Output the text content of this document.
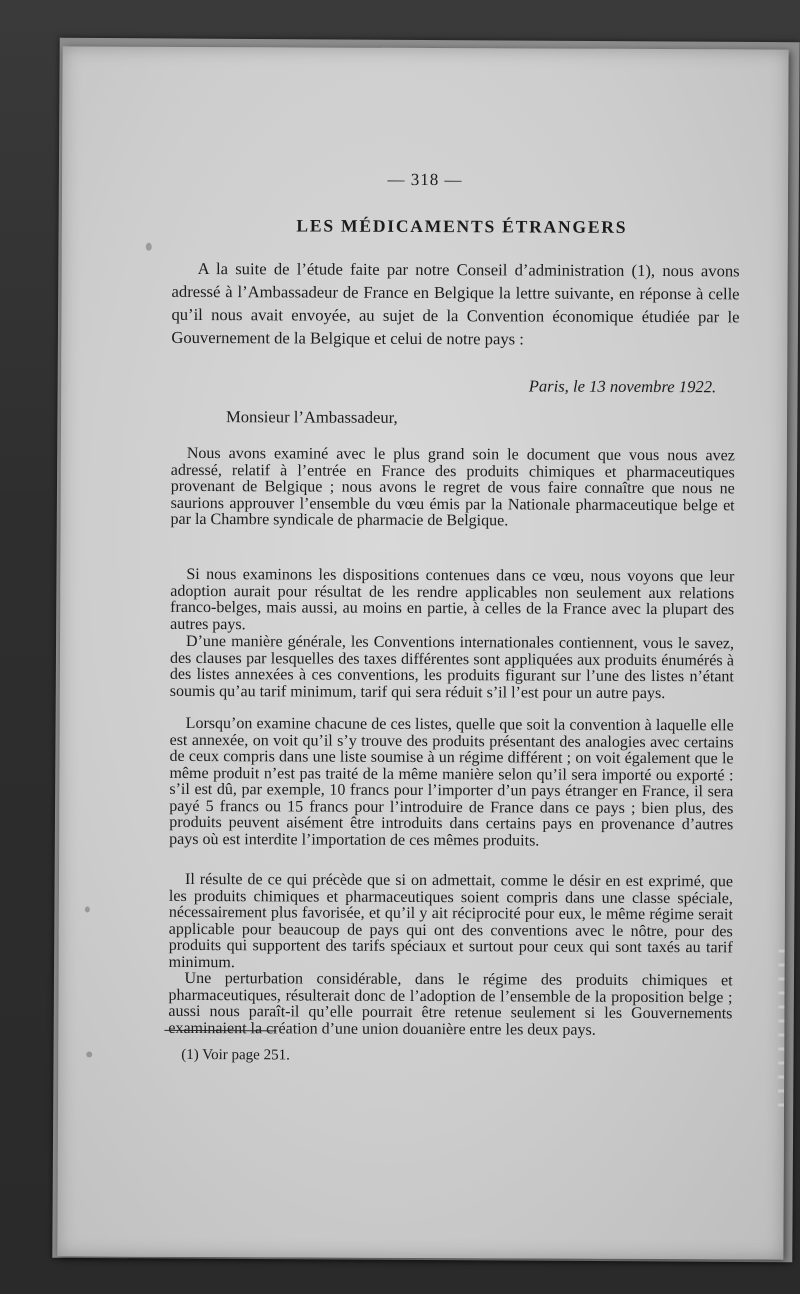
— 318 —
LES MÉDICAMENTS ÉTRANGERS

A la suite de l’étude faite par notre Conseil d’administration (1), nous avons adressé à l’Ambassadeur de France en Belgique la lettre suivante, en réponse à celle qu’il nous avait envoyée, au sujet de la Convention économique étudiée par le Gouvernement de la Belgique et celui de notre pays :

Paris, le 13 novembre 1922.
Monsieur l’Ambassadeur,

Nous avons examiné avec le plus grand soin le document que vous nous avez adressé, relatif à l’entrée en France des produits chimiques et pharmaceutiques provenant de Belgique ; nous avons le regret de vous faire connaître que nous ne saurions approuver l’ensemble du vœu émis par la Nationale pharmaceutique belge et par la Chambre syndicale de pharmacie de Belgique.

Si nous examinons les dispositions contenues dans ce vœu, nous voyons que leur adoption aurait pour résultat de les rendre applicables non seulement aux relations franco-belges, mais aussi, au moins en partie, à celles de la France avec la plupart des autres pays.

D’une manière générale, les Conventions internationales contiennent, vous le savez, des clauses par lesquelles des taxes différentes sont appliquées aux produits énumérés à des listes annexées à ces conventions, les produits figurant sur l’une des listes n’étant soumis qu’au tarif minimum, tarif qui sera réduit s’il l’est pour un autre pays.

Lorsqu’on examine chacune de ces listes, quelle que soit la convention à laquelle elle est annexée, on voit qu’il s’y trouve des produits présentant des analogies avec certains de ceux compris dans une liste soumise à un régime différent ; on voit également que le même produit n’est pas traité de la même manière selon qu’il sera importé ou exporté : s’il est dû, par exemple, 10 francs pour l’importer d’un pays étranger en France, il sera payé 5 francs ou 15 francs pour l’introduire de France dans ce pays ; bien plus, des produits peuvent aisément être introduits dans certains pays en provenance d’autres pays où est interdite l’importation de ces mêmes produits.

Il résulte de ce qui précède que si on admettait, comme le désir en est exprimé, que les produits chimiques et pharmaceutiques soient compris dans une classe spéciale, nécessairement plus favorisée, et qu’il y ait réciprocité pour eux, le même régime serait applicable pour beaucoup de pays qui ont des conventions avec le nôtre, pour des produits qui supportent des tarifs spéciaux et surtout pour ceux qui sont taxés au tarif minimum.

Une perturbation considérable, dans le régime des produits chimiques et pharmaceutiques, résulterait donc de l’adoption de l’ensemble de la proposition belge ; aussi nous paraît-il qu’elle pourrait être retenue seulement si les Gouvernements examinaient la création d’une union douanière entre les deux pays.

(1) Voir page 251.
